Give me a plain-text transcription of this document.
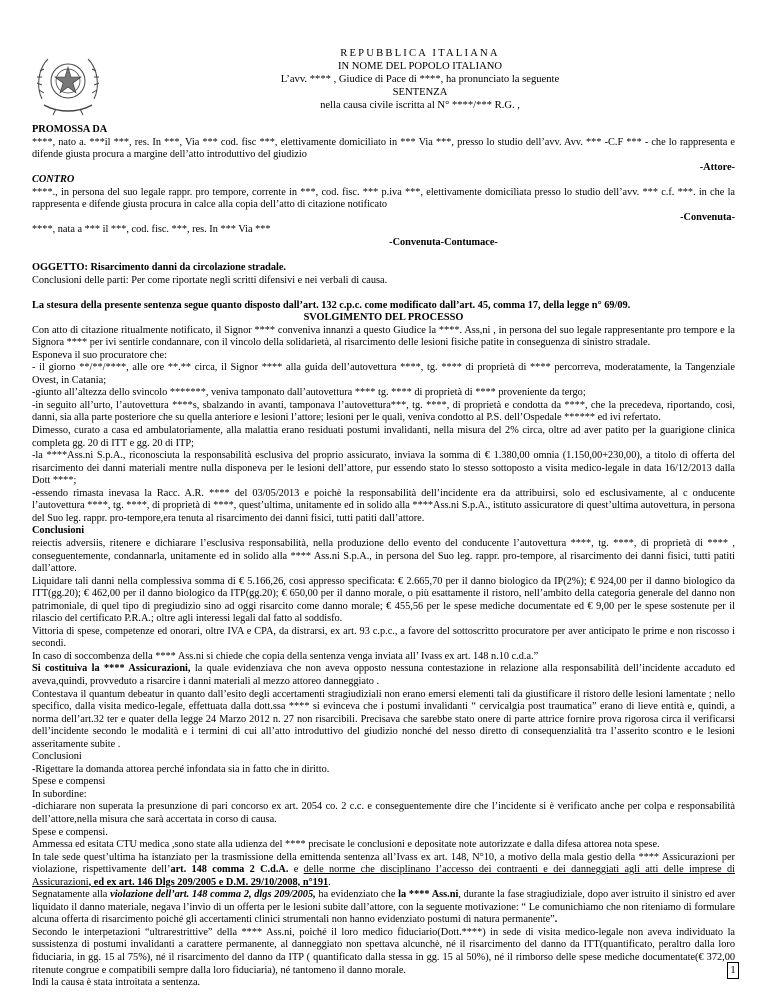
REPUBBLICA ITALIANA
IN NOME DEL POPOLO ITALIANO
L’avv. **** , Giudice di Pace di ****, ha pronunciato la seguente
SENTENZA
nella causa civile iscritta al N° ****/*** R.G. ,

PROMOSSA DA

****, nato a. ***il ***, res. In ***, Via *** cod. fisc ***, elettivamente domiciliato in *** Via ***, presso lo studio dell’avv. Avv. *** -C.F *** - che lo rappresenta e difende giusta procura a margine dell’atto introduttivo del giudizio

-Attore-

CONTRO

****., in persona del suo legale rappr. pro tempore, corrente in ***, cod. fisc. *** p.iva ***, elettivamente domiciliata presso lo studio dell’avv. *** c.f. ***. in che la rappresenta e difende giusta procura in calce alla copia dell’atto di citazione notificato

-Convenuta-

****, nata a *** il ***, cod. fisc. ***, res. In *** Via ***

-Convenuta-Contumace-

OGGETTO: Risarcimento danni da circolazione stradale.

Conclusioni delle parti: Per come riportate negli scritti difensivi e nei verbali di causa.

La stesura della presente sentenza segue quanto disposto dall’art. 132 c.p.c. come modificato dall’art. 45, comma 17, della legge n° 69/09.

SVOLGIMENTO DEL PROCESSO

Con atto di citazione ritualmente notificato, il Signor **** conveniva innanzi a questo Giudice la ****. Ass,ni , in persona del suo legale rappresentante pro tempore e la Signora **** per ivi sentirle condannare, con il vincolo della solidarietà, al risarcimento delle lesioni fisiche patite in conseguenza di sinistro stradale.

Esponeva il suo procuratore che:

- il giorno **/**/****, alle ore **.** circa, il Signor **** alla guida dell’autovettura ****, tg. **** di proprietà di **** percorreva, moderatamente, la Tangenziale Ovest, in Catania;

-giunto all’altezza dello svincolo *******, veniva tamponato dall’autovettura **** tg. **** di proprietà di **** proveniente da tergo;

-in seguito all’urto, l’autovettura ****s, sbalzando in avanti, tamponava l’autovettura***, tg. ****, di proprietà e condotta da ****, che la precedeva, riportando, così, danni, sia alla parte posteriore che su quella anteriore e lesioni l’attore; lesioni per le quali, veniva condotto al P.S. dell’Ospedale ****** ed ivi refertato.

Dimesso, curato a casa ed ambulatoriamente, alla malattia erano residuati postumi invalidanti, nella misura del 2% circa, oltre ad aver patito per la guarigione clinica completa gg. 20 di ITT e gg. 20 di ITP;

-la ****Ass.ni S.p.A., riconosciuta la responsabilità esclusiva del proprio assicurato, inviava la somma di € 1.380,00 omnia (1.150,00+230,00), a titolo di offerta del risarcimento dei danni materiali mentre nulla disponeva per le lesioni dell’attore, pur essendo stato lo stesso sottoposto a visita medico-legale in data 16/12/2013 dalla Dott ****;

-essendo rimasta inevasa la Racc. A.R. **** del 03/05/2013 e poichè la responsabilità dell’incidente era da attribuirsi, solo ed esclusivamente, al c onducente l’autovettura ****, tg. ****, di proprietà di ****, quest’ultima, unitamente ed in solido alla ****Ass.ni S.p.A., istituto assicuratore di quest’ultima autovettura, in persona del Suo leg. rappr. pro-tempore,era tenuta al risarcimento dei danni fisici, tutti patiti dall’attore.

Conclusioni

reiectis adversiis, ritenere e dichiarare l’esclusiva responsabilità, nella produzione dello evento del conducente l’autovettura ****, tg. ****, di proprietà di **** , conseguentemente, condannarla, unitamente ed in solido alla **** Ass.ni S.p.A., in persona del Suo leg. rappr. pro-tempore, al risarcimento dei danni fisici, tutti patiti dall’attore.

Liquidare tali danni nella complessiva somma di € 5.166,26, così appresso specificata: € 2.665,70 per il danno biologico da IP(2%); € 924,00 per il danno biologico da ITT(gg.20); € 462,00 per il danno biologico da ITP(gg.20); € 650,00 per il danno morale, o più esattamente il ristoro, nell’ambito della categoria generale del danno non patrimoniale, di quel tipo di pregiudizio sino ad oggi risarcito come danno morale; € 455,56 per le spese mediche documentate ed € 9,00 per le spese sostenute per il rilascio del certificato P.R.A.; oltre agli interessi legali dal fatto al soddisfo.

Vittoria di spese, competenze ed onorari, oltre IVA e CPA, da distrarsi, ex art. 93 c.p.c., a favore del sottoscritto procuratore per aver anticipato le prime e non riscosso i secondi.

In caso di soccombenza della **** Ass.ni si chiede che copia della sentenza venga inviata all’ Ivass ex art. 148 n.10 c.d.a.”

Si costituiva la **** Assicurazioni, la quale evidenziava che non aveva opposto nessuna contestazione in relazione alla responsabilità dell’incidente accaduto ed aveva,quindi, provveduto a risarcire i danni materiali al mezzo attoreo danneggiato .

Contestava il quantum debeatur in quanto dall’esito degli accertamenti stragiudiziali non erano emersi elementi tali da giustificare il ristoro delle lesioni lamentate ; nello specifico, dalla visita medico-legale, effettuata dalla dott.ssa **** si evinceva che i postumi invalidanti “ cervicalgia post traumatica” erano di lieve entità e, quindi, a norma dell’art.32 ter e quater della legge 24 Marzo 2012 n. 27 non risarcibili. Precisava che sarebbe stato onere di parte attrice fornire prova rigorosa circa il verificarsi dell’incidente secondo le modalità e i termini di cui all’atto introduttivo del giudizio nonché del nesso diretto di consequenzialità tra l’asserito scontro e le lesioni asseritamente subite .

Conclusioni

-Rigettare la domanda attorea perché infondata sia in fatto che in diritto.

Spese e compensi

In subordine:

-dichiarare non superata la presunzione di pari concorso ex art. 2054 co. 2 c.c. e conseguentemente dire che l’incidente si è verificato anche per colpa e responsabilità dell’attore,nella misura che sarà accertata in corso di causa.

Spese e compensi.

Ammessa ed esitata CTU medica ,sono state alla udienza del **** precisate le conclusioni e depositate note autorizzate e dalla difesa attorea nota spese.

In tale sede quest’ultima ha istanziato per la trasmissione della emittenda sentenza all’Ivass ex art. 148, N°10, a motivo della mala gestio della **** Assicurazioni per violazione, rispettivamente dell’art. 148 comma 2 C.d.A. e delle norme che disciplinano l’accesso dei contraenti e dei danneggiati agli atti delle imprese di Assicurazioni, ed ex art. 146 Dlgs 209/2005 e D.M. 29/10/2008, n°191.

Segnatamente alla violazione dell’art. 148 comma 2, dlgs 209/2005, ha evidenziato che la **** Ass.ni, durante la fase stragiudiziale, dopo aver istruito il sinistro ed aver liquidato il danno materiale, negava l’invio di un offerta per le lesioni subite dall’attore, con la seguente motivazione: “ Le comunichiamo che non riteniamo di formulare alcuna offerta di risarcimento poiché gli accertamenti clinici strumentali non hanno evidenziato postumi di natura permanente”.

Secondo le interpetazioni “ultrarestrittive” della **** Ass.ni, poiché il loro medico fiduciario(Dott.****) in sede di visita medico-legale non aveva individuato la sussistenza di postumi invalidanti a carattere permanente, al danneggiato non spettava alcunchè, né il risarcimento del danno da ITT(quantificato, peraltro dalla loro fiduciaria, in gg. 15 al 75%), né il risarcimento del danno da ITP ( quantificato dalla stessa in gg. 15 al 50%), né il rimborso delle spese mediche documentate(€ 372,00 ritenute congrue e compatibili sempre dalla loro fiduciaria), né tantomeno il danno morale.

Indi la causa è stata introitata a sentenza.

1
